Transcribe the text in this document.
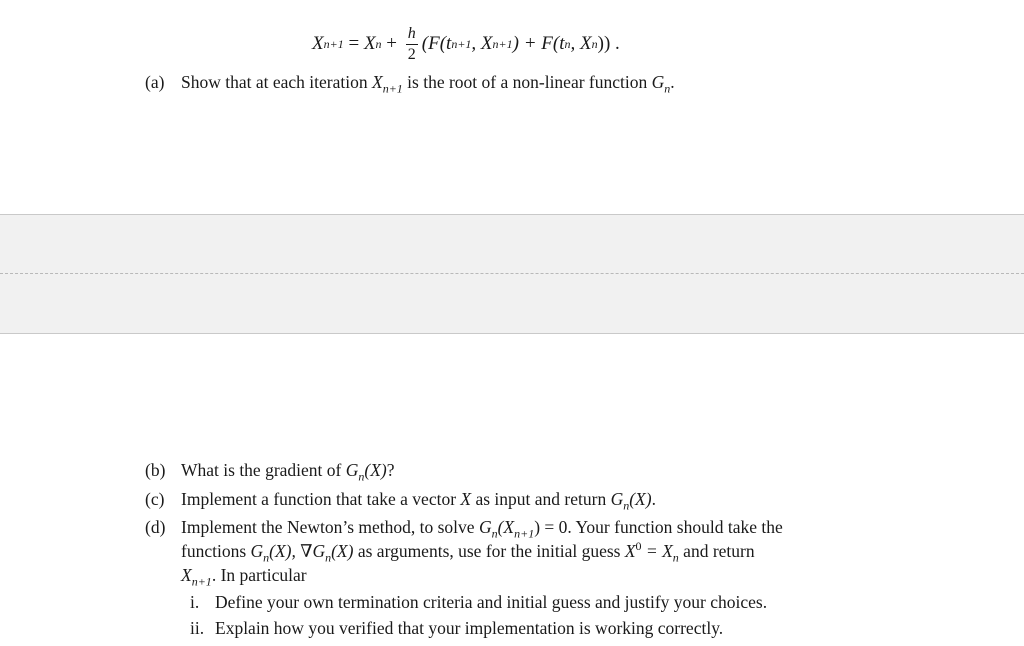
X n+1 = X $n + \frac{h}{2} (F(t$ n+1 , X n+1 ) + F(t n , X n )) .
(a) Show that at each iteration $X_{n+1}$ is the root of a non-linear function $G_n$.
(b) What is the gradient of $G_n(X)$?
(c) Implement a function that take a vector X as input and return $G_n(X)$.
(d) Implement the Newton’s method, to solve $G_n(X_{n+1}) = 0$. Your function should take the
functions $G_n(X)$, $\nabla G_n(X)$ as arguments, use for the initial guess $X^0 = X_n$ and return
$X_{n+1}$. In particular
i. Define your own termination criteria and initial guess and justify your choices.
ii. Explain how you verified that your implementation is working correctly.
